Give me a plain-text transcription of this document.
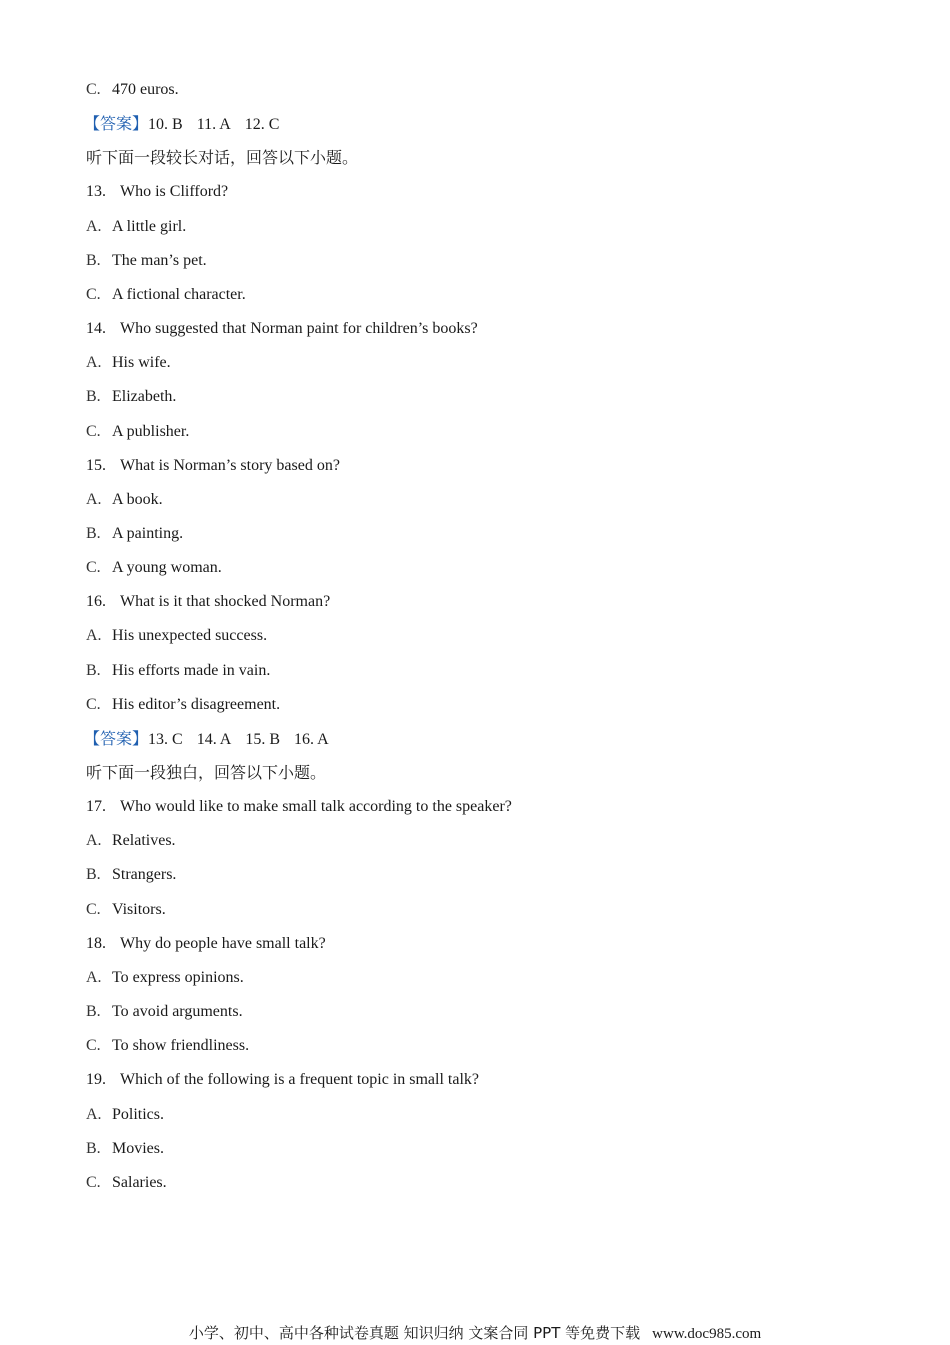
C. 470 euros.
【答案】10. B 11. A 12. C
听下面一段较长对话，回答以下小题。
13. Who is Clifford?
A. A little girl.
B. The man’s pet.
C. A fictional character.
14. Who suggested that Norman paint for children’s books?
A. His wife.
B. Elizabeth.
C. A publisher.
15. What is Norman’s story based on?
A. A book.
B. A painting.
C. A young woman.
16. What is it that shocked Norman?
A. His unexpected success.
B. His efforts made in vain.
C. His editor’s disagreement.
【答案】13. C 14. A 15. B 16. A
听下面一段独白，回答以下小题。
17. Who would like to make small talk according to the speaker?
A. Relatives.
B. Strangers.
C. Visitors.
18. Why do people have small talk?
A. To express opinions.
B. To avoid arguments.
C. To show friendliness.
19. Which of the following is a frequent topic in small talk?
A. Politics.
B. Movies.
C. Salaries.
小学、初中、高中各种试卷真题 知识归纳 文案合同 PPT 等免费下载 www.doc985.com
